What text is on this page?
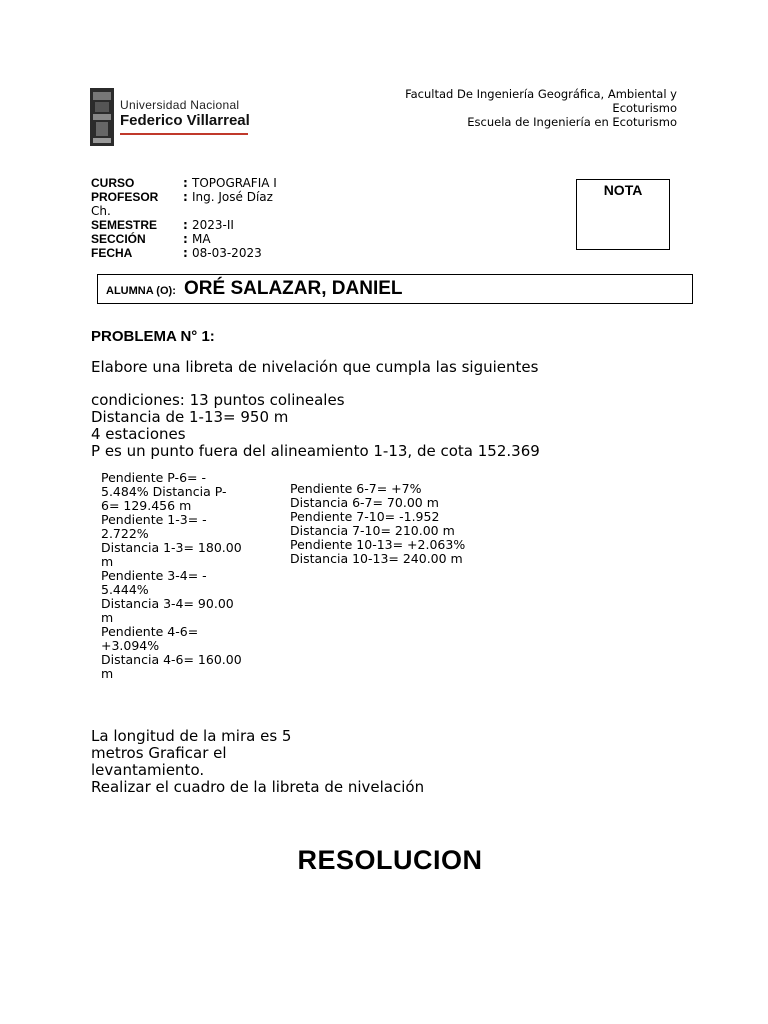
Universidad Nacional
Federico Villarreal
Facultad De Ingeniería Geográfica, Ambiental y
Ecoturismo
Escuela de Ingeniería en Ecoturismo
CURSO	: TOPOGRAFIA I
PROFESOR	: Ing. José Díaz
Ch.
SEMESTRE	: 2023-II
SECCIÓN	: MA
FECHA	: 08-03-2023
NOTA
ALUMNA (O): ORÉ SALAZAR, DANIEL
PROBLEMA N° 1:
Elabore una libreta de nivelación que cumpla las siguientes
condiciones: 13 puntos colineales
Distancia de 1-13= 950 m
4 estaciones
P es un punto fuera del alineamiento 1-13, de cota 152.369
Pendiente P-6= -
5.484% Distancia P-
6= 129.456 m
Pendiente 1-3= -
2.722%
Distancia 1-3= 180.00
m
Pendiente 3-4= -
5.444%
Distancia 3-4= 90.00
m
Pendiente 4-6=
+3.094%
Distancia 4-6= 160.00
m
Pendiente 6-7= +7%
Distancia 6-7= 70.00 m
Pendiente 7-10= -1.952
Distancia 7-10= 210.00 m
Pendiente 10-13= +2.063%
Distancia 10-13= 240.00 m
La longitud de la mira es 5
metros Graficar el
levantamiento.
Realizar el cuadro de la libreta de nivelación
RESOLUCION
